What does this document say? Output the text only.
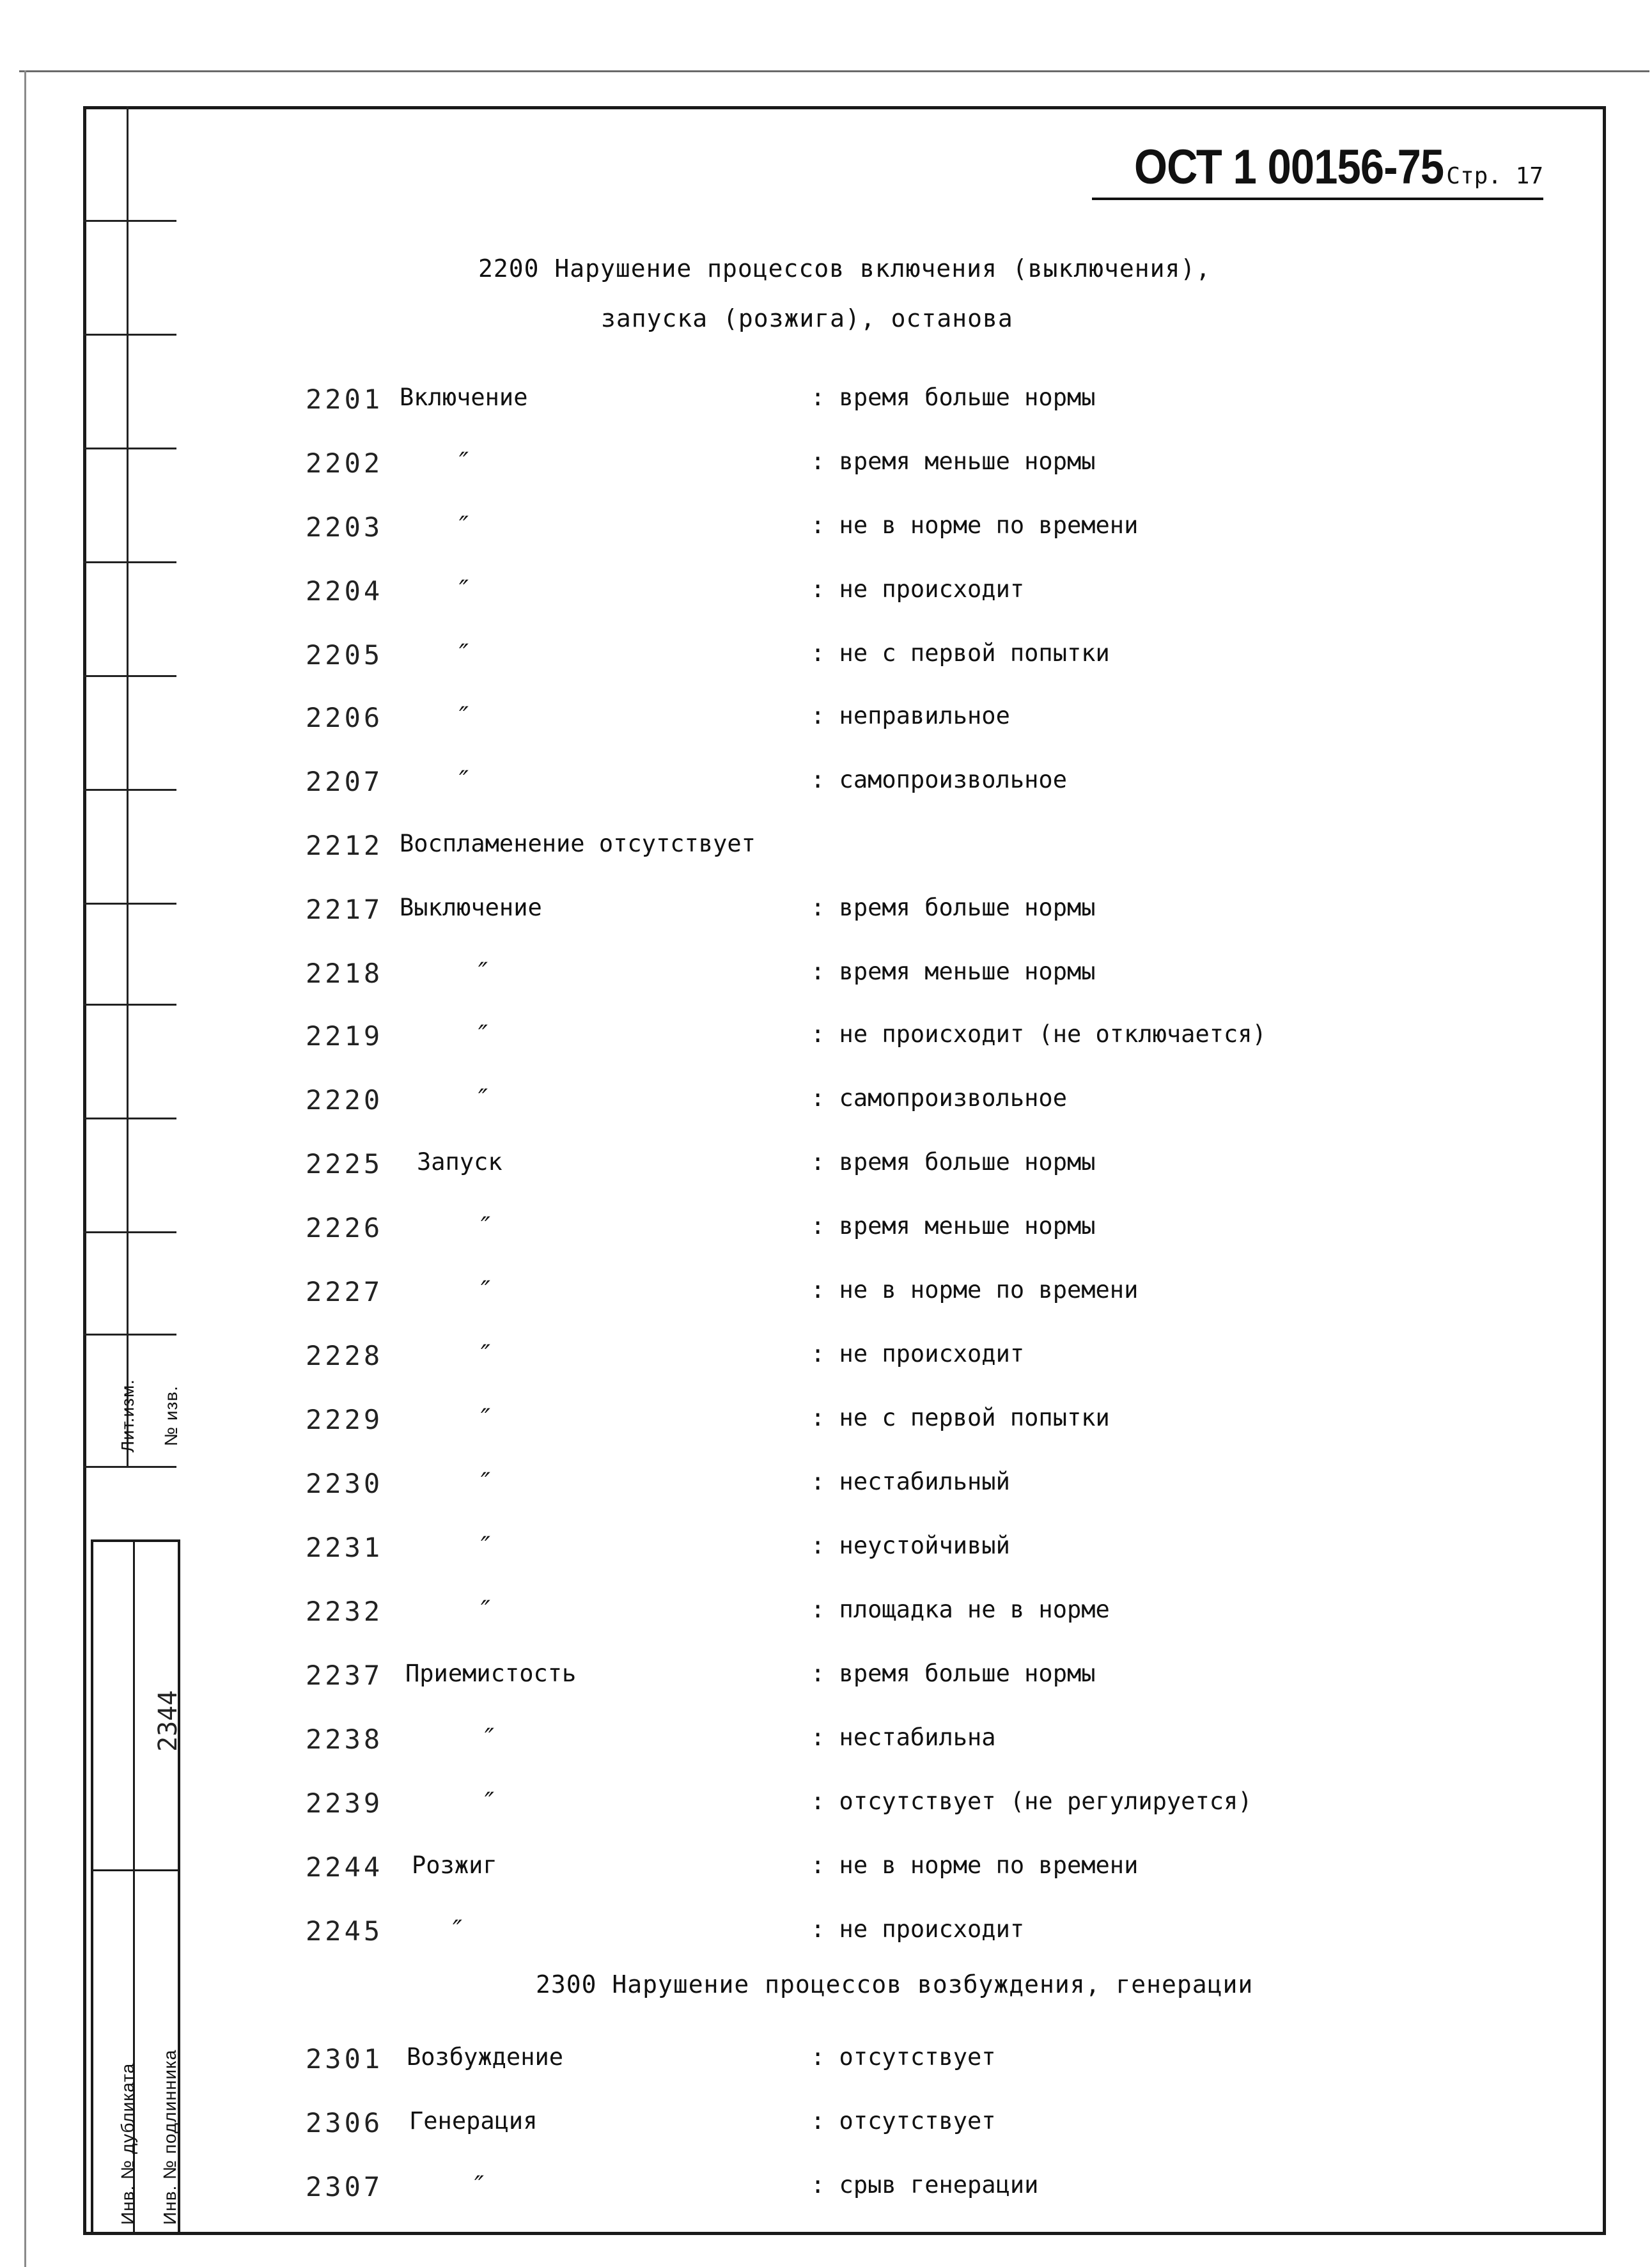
Лит.изм. № изв.
2344
Инв. № дубликата Инв. № подлинника
ОСТ 1 00156-75 Стр. 17
2200 Нарушение процессов включения (выключения),
запуска (розжига), останова
2300 Нарушение процессов возбуждения, генерации
2201 Включение	: время больше нормы
2202	″	: время меньше нормы
2203	″	: не в норме по времени
2204	″	: не происходит
2205	″	: не с первой попытки
2206	″	: неправильное
2207	″	: самопроизвольное
2212 Воспламенение отсутствует
2217 Выключение	: время больше нормы
2218	″	: время меньше нормы
2219	″	: не происходит (не отключается)
2220	″	: самопроизвольное
2225 Запуск	: время больше нормы
2226	″	: время меньше нормы
2227	″	: не в норме по времени
2228	″	: не происходит
2229	″	: не с первой попытки
2230	″	: нестабильный
2231	″	: неустойчивый
2232	″	: площадка не в норме
2237 Приемистость	: время больше нормы
2238	″	: нестабильна
2239	″	: отсутствует (не регулируется)
2244 Розжиг	: не в норме по времени
2245	″	: не происходит
2301 Возбуждение	: отсутствует
2306 Генерация	: отсутствует
2307	″	: срыв генерации
